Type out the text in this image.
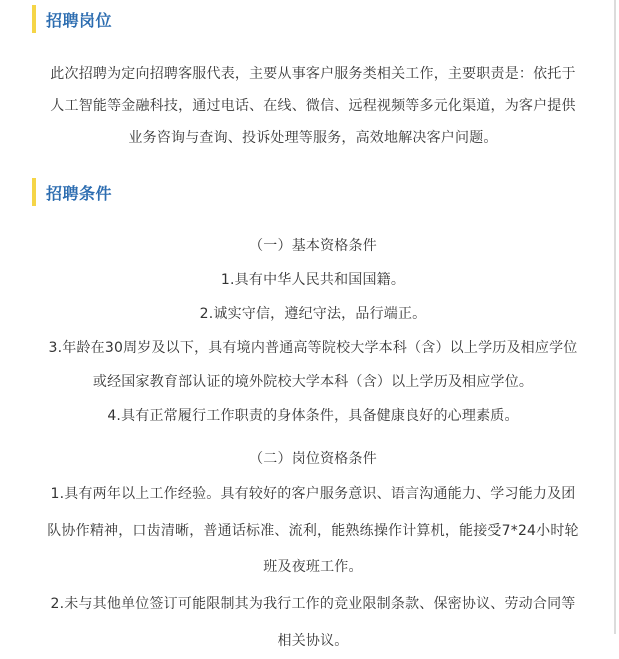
招聘岗位
此次招聘为定向招聘客服代表，主要从事客户服务类相关工作，主要职责是：依托于
人工智能等金融科技，通过电话、在线、微信、远程视频等多元化渠道，为客户提供
业务咨询与查询、投诉处理等服务，高效地解决客户问题。
招聘条件
（一）基本资格条件
1.具有中华人民共和国国籍。
2.诚实守信，遵纪守法，品行端正。
3.年龄在30周岁及以下，具有境内普通高等院校大学本科（含）以上学历及相应学位
或经国家教育部认证的境外院校大学本科（含）以上学历及相应学位。
4.具有正常履行工作职责的身体条件，具备健康良好的心理素质。
（二）岗位资格条件
1.具有两年以上工作经验。具有较好的客户服务意识、语言沟通能力、学习能力及团
队协作精神，口齿清晰，普通话标准、流利，能熟练操作计算机，能接受7*24小时轮
班及夜班工作。
2.未与其他单位签订可能限制其为我行工作的竞业限制条款、保密协议、劳动合同等
相关协议。
